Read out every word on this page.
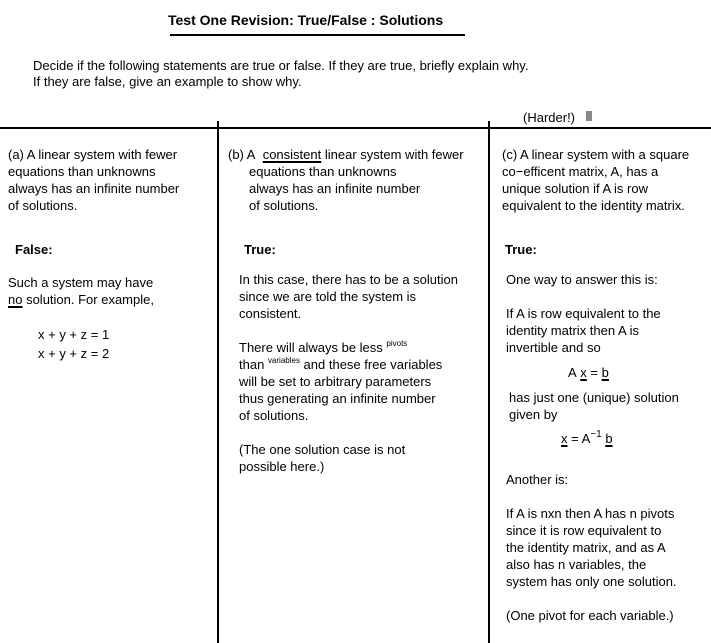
Test One Revision: True/False : Solutions
Decide if the following statements are true or false. If they are true, briefly explain why.
If they are false, give an example to show why.
(Harder!)
(a) A linear system with fewer
equations than unknowns
always has an infinite number
of solutions.
False:
Such a system may have
no solution. For example,
x + y + z = 1
x + y + z = 2
(b) A consistent linear system with fewer
equations than unknowns
always has an infinite number
of solutions.
True:
In this case, there has to be a solution
since we are told the system is
consistent.
There will always be less $^{pivots}$
than $^{variables}$ and these free variables
will be set to arbitrary parameters
thus generating an infinite number
of solutions.
(The one solution case is not
possible here.)
(c) A linear system with a square
co−efficent matrix, A, has a
unique solution if A is row
equivalent to the identity matrix.
True:
One way to answer this is:
If A is row equivalent to the
identity matrix then A is
invertible and so
A x = b
has just one (unique) solution
given by
$x = A^{-1}$ b
Another is:
If A is nxn then A has n pivots
since it is row equivalent to
the identity matrix, and as A
also has n variables, the
system has only one solution.
(One pivot for each variable.)
